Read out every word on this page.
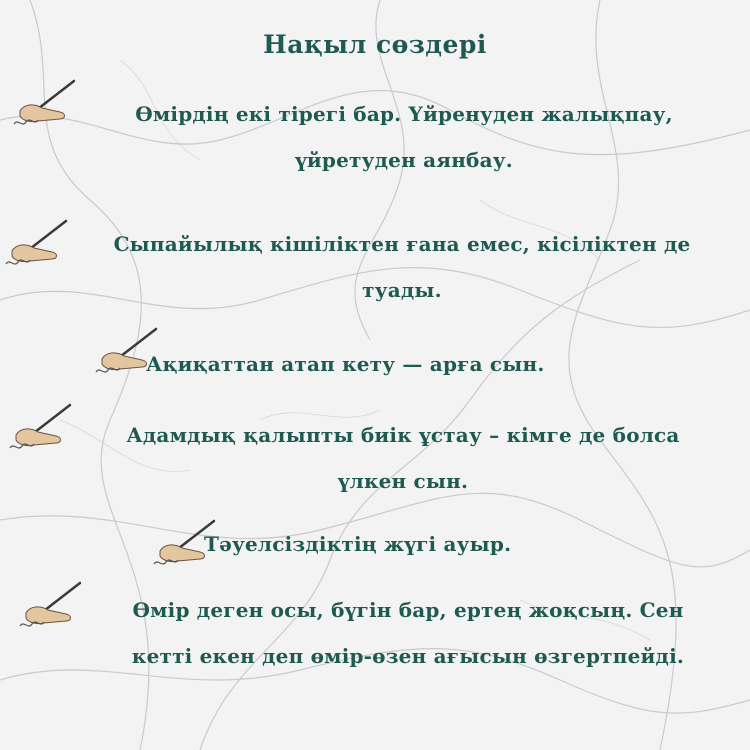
Нақыл сөздері
Өмірдің екі тірегі бар. Үйренуден жалықпау,
үйретуден аянбау.
Сыпайылық кішіліктен ғана емес, кісіліктен де
туады.
Ақиқаттан атап кету — арға сын.
Адамдық қалыпты биік ұстау – кімге де болса
үлкен сын.
Тәуелсіздіктің жүгі ауыр.
Өмір деген осы, бүгін бар, ертең жоқсың. Сен
кетті екен деп өмір-өзен ағысын өзгертпейді.
